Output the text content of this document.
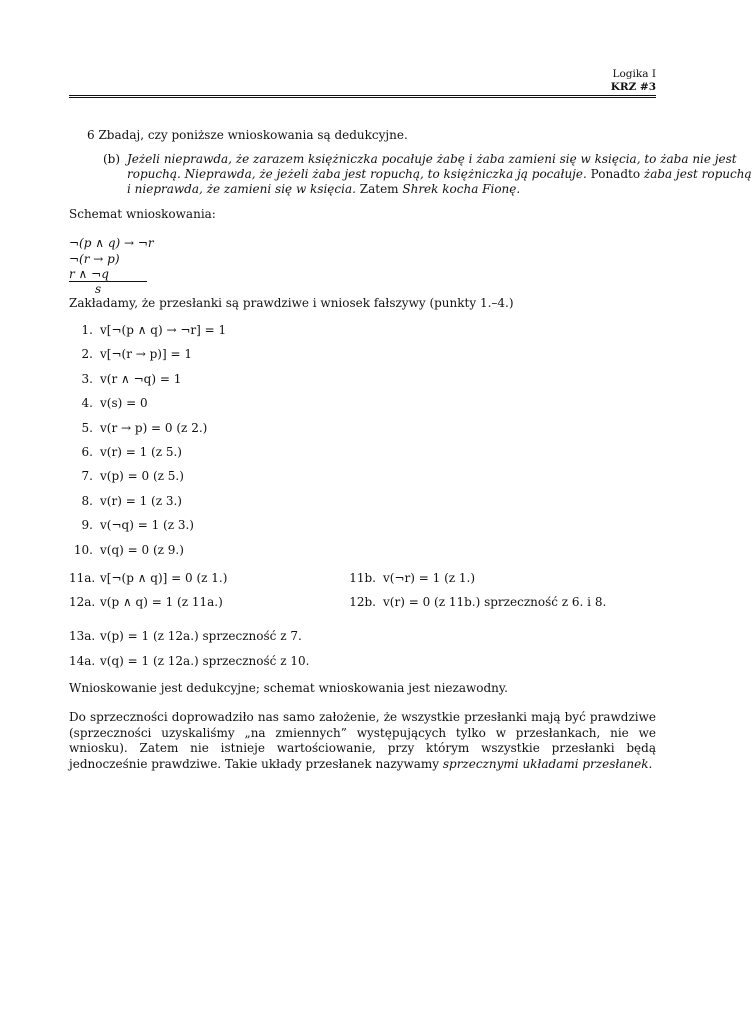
Logika I
KRZ #3
6 Zbadaj, czy poniższe wnioskowania są dedukcyjne.
(b) Jeżeli nieprawda, że zarazem księżniczka pocałuje żabę i żaba zamieni się w księcia, to żaba nie jest
ropuchą. Nieprawda, że jeżeli żaba jest ropuchą, to księżniczka ją pocałuje. Ponadto żaba jest ropuchą
i nieprawda, że zamieni się w księcia. Zatem Shrek kocha Fionę.
Schemat wnioskowania:
¬(p ∧ q) → ¬r
¬(r → p)
r ∧ ¬q
s
Zakładamy, że przesłanki są prawdziwe i wniosek fałszywy (punkty 1.–4.)
1. v[¬(p ∧ q) → ¬r] = 1
2. v[¬(r → p)] = 1
3. v(r ∧ ¬q) = 1
4. v(s) = 0
5. v(r → p) = 0 (z 2.)
6. v(r) = 1 (z 5.)
7. v(p) = 0 (z 5.)
8. v(r) = 1 (z 3.)
9. v(¬q) = 1 (z 3.)
10. v(q) = 0 (z 9.)
11a. v[¬(p ∧ q)] = 0 (z 1.)
12a. v(p ∧ q) = 1 (z 11a.)
11b. v(¬r) = 1 (z 1.)
12b. v(r) = 0 (z 11b.) sprzeczność z 6. i 8.
13a. v(p) = 1 (z 12a.) sprzeczność z 7.
14a. v(q) = 1 (z 12a.) sprzeczność z 10.
Wnioskowanie jest dedukcyjne; schemat wnioskowania jest niezawodny.
Do sprzeczności doprowadziło nas samo założenie, że wszystkie przesłanki mają być prawdziwe (sprzeczności uzyskaliśmy „na zmiennych” występujących tylko w przesłankach, nie we wniosku). Zatem nie istnieje wartościowanie, przy którym wszystkie przesłanki będą jednocześnie prawdziwe. Takie układy przesłanek nazywamy sprzecznymi układami przesłanek.
